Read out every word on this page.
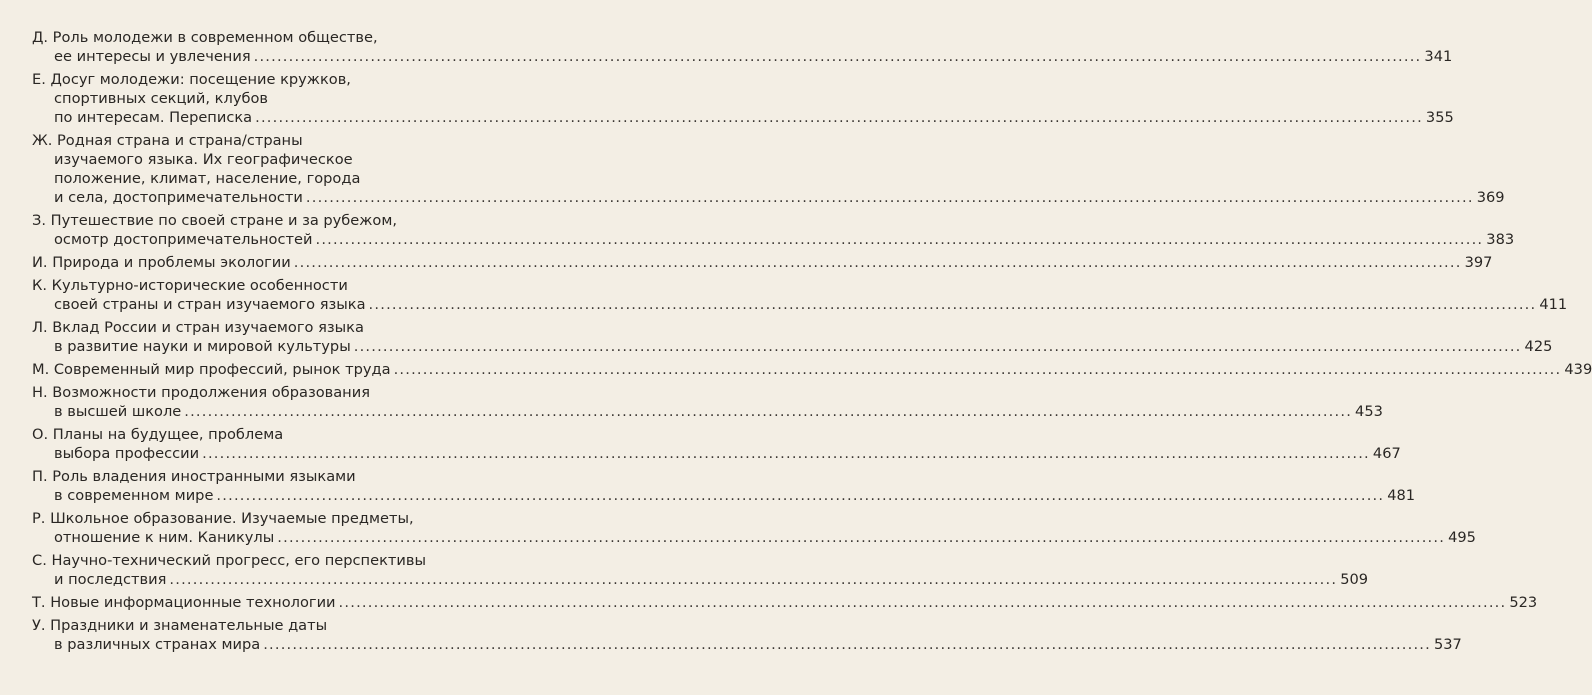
Д. Роль молодежи в современном обществе,
ее интересы и увлечения ........................................................................................................................................................................................................ 341
Е. Досуг молодежи: посещение кружков,
спортивных секций, клубов
по интересам. Переписка ........................................................................................................................................................................................................ 355
Ж. Родная страна и страна/страны
изучаемого языка. Их географическое
положение, климат, население, города
и села, достопримечательности ........................................................................................................................................................................................................ 369
З. Путешествие по своей стране и за рубежом,
осмотр достопримечательностей ........................................................................................................................................................................................................ 383
И. Природа и проблемы экологии ........................................................................................................................................................................................................ 397
К. Культурно-исторические особенности
своей страны и стран изучаемого языка ........................................................................................................................................................................................................ 411
Л. Вклад России и стран изучаемого языка
в развитие науки и мировой культуры ........................................................................................................................................................................................................ 425
М. Современный мир профессий, рынок труда ........................................................................................................................................................................................................ 439
Н. Возможности продолжения образования
в высшей школе ........................................................................................................................................................................................................ 453
О. Планы на будущее, проблема
выбора профессии ........................................................................................................................................................................................................ 467
П. Роль владения иностранными языками
в современном мире ........................................................................................................................................................................................................ 481
Р. Школьное образование. Изучаемые предметы,
отношение к ним. Каникулы ........................................................................................................................................................................................................ 495
С. Научно-технический прогресс, его перспективы
и последствия ........................................................................................................................................................................................................ 509
Т. Новые информационные технологии ........................................................................................................................................................................................................ 523
У. Праздники и знаменательные даты
в различных странах мира ........................................................................................................................................................................................................ 537
